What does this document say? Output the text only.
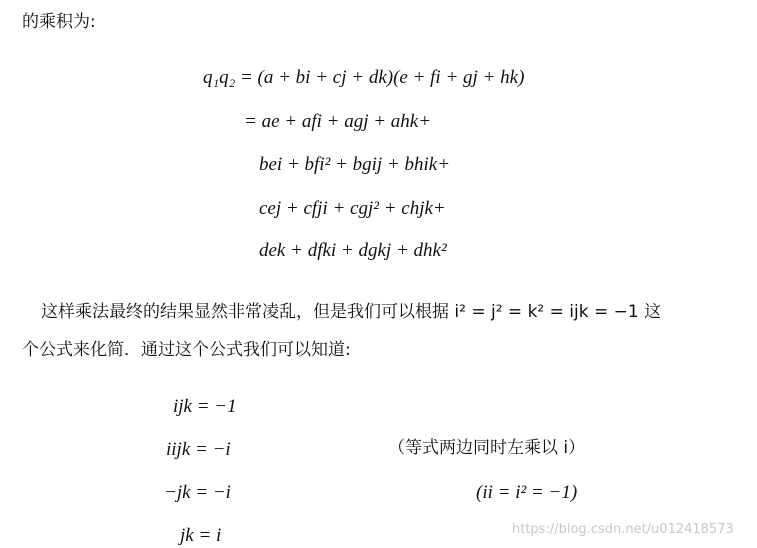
的乘积为:
q₁q₂ = (a + bi + cj + dk)(e + fi + gj + hk)
= ae + afi + agj + ahk+
bei + bfi² + bgij + bhik+
cej + cfji + cgj² + chjk+
dek + dfki + dgkj + dhk²
这样乘法最终的结果显然非常凌乱，但是我们可以根据 i² = j² = k² = ijk = −1 这
个公式来化简．通过这个公式我们可以知道:
ijk = −1
iijk = −i	（等式两边同时左乘以 i）
−jk = −i	(ii = i² = −1)
jk = i	https://blog.csdn.net/u012418573
